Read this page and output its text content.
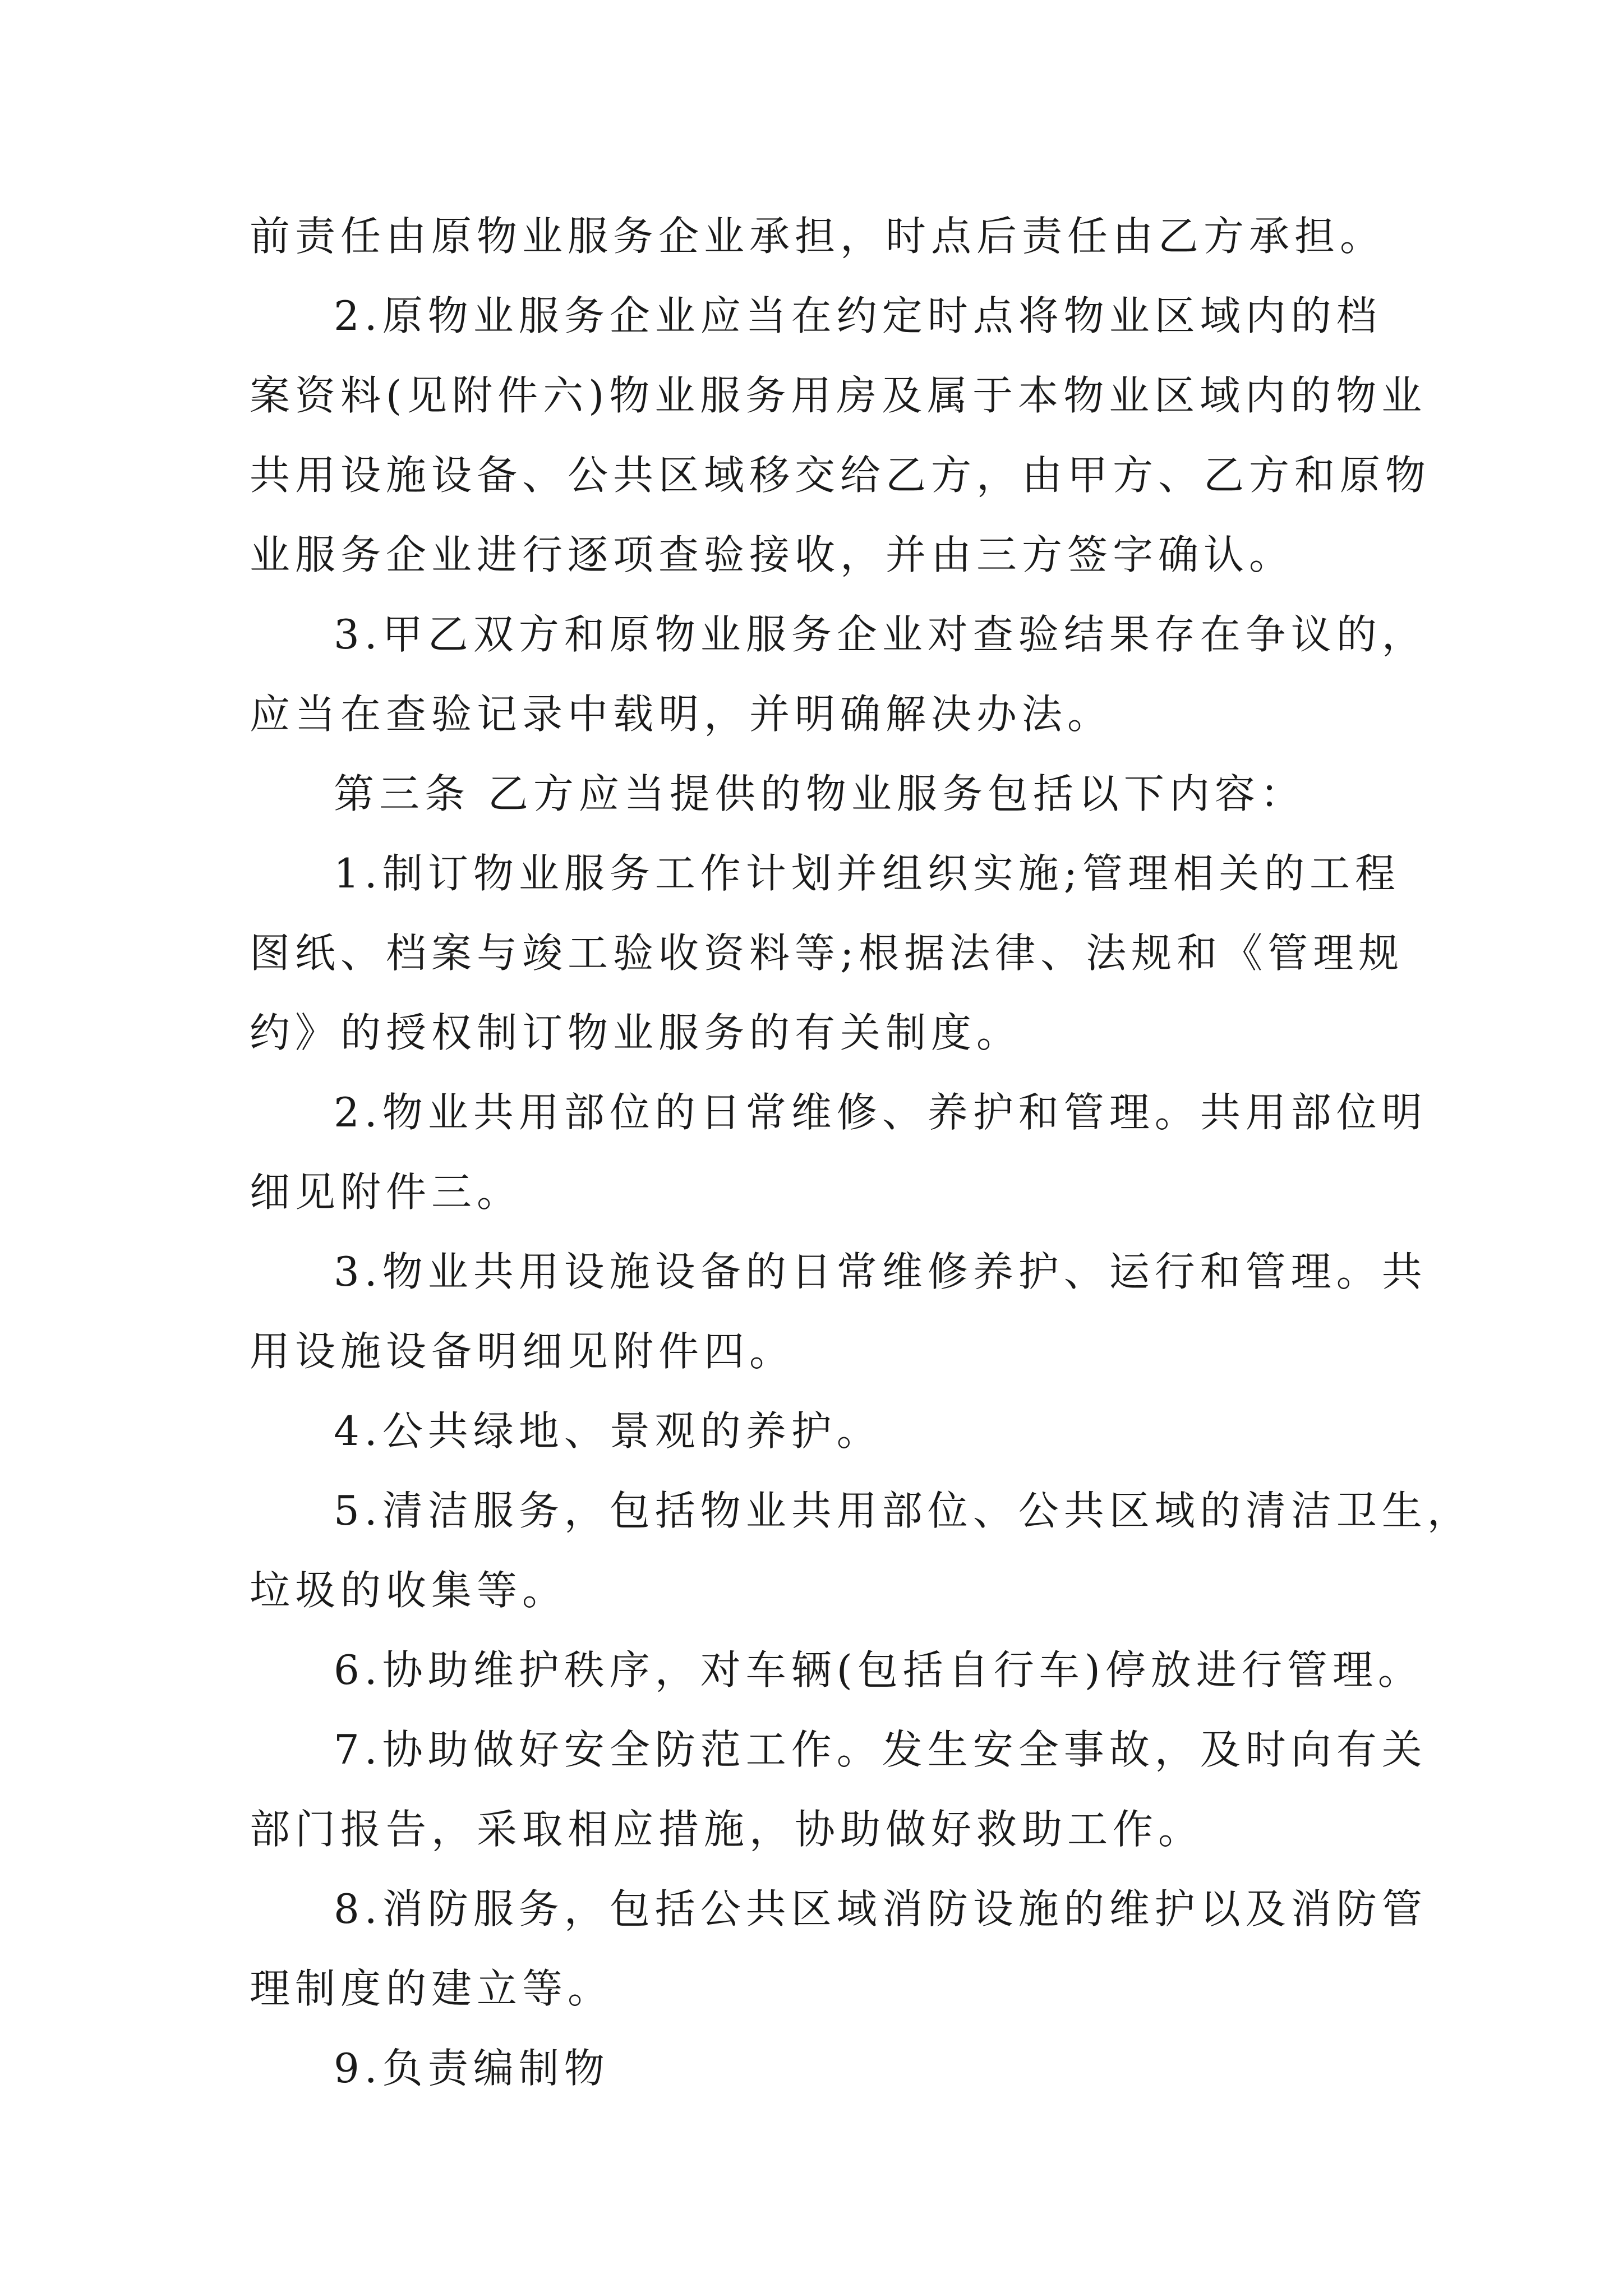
前责任由原物业服务企业承担，时点后责任由乙方承担。
2.原物业服务企业应当在约定时点将物业区域内的档
案资料(见附件六)物业服务用房及属于本物业区域内的物业
共用设施设备、公共区域移交给乙方，由甲方、乙方和原物
业服务企业进行逐项查验接收，并由三方签字确认。
3.甲乙双方和原物业服务企业对查验结果存在争议的，
应当在查验记录中载明，并明确解决办法。
第三条 乙方应当提供的物业服务包括以下内容：
1.制订物业服务工作计划并组织实施;管理相关的工程
图纸、档案与竣工验收资料等;根据法律、法规和《管理规
约》的授权制订物业服务的有关制度。
2.物业共用部位的日常维修、养护和管理。共用部位明
细见附件三。
3.物业共用设施设备的日常维修养护、运行和管理。共
用设施设备明细见附件四。
4.公共绿地、景观的养护。
5.清洁服务，包括物业共用部位、公共区域的清洁卫生，
垃圾的收集等。
6.协助维护秩序，对车辆(包括自行车)停放进行管理。
7.协助做好安全防范工作。发生安全事故，及时向有关
部门报告，采取相应措施，协助做好救助工作。
8.消防服务，包括公共区域消防设施的维护以及消防管
理制度的建立等。
9.负责编制物
